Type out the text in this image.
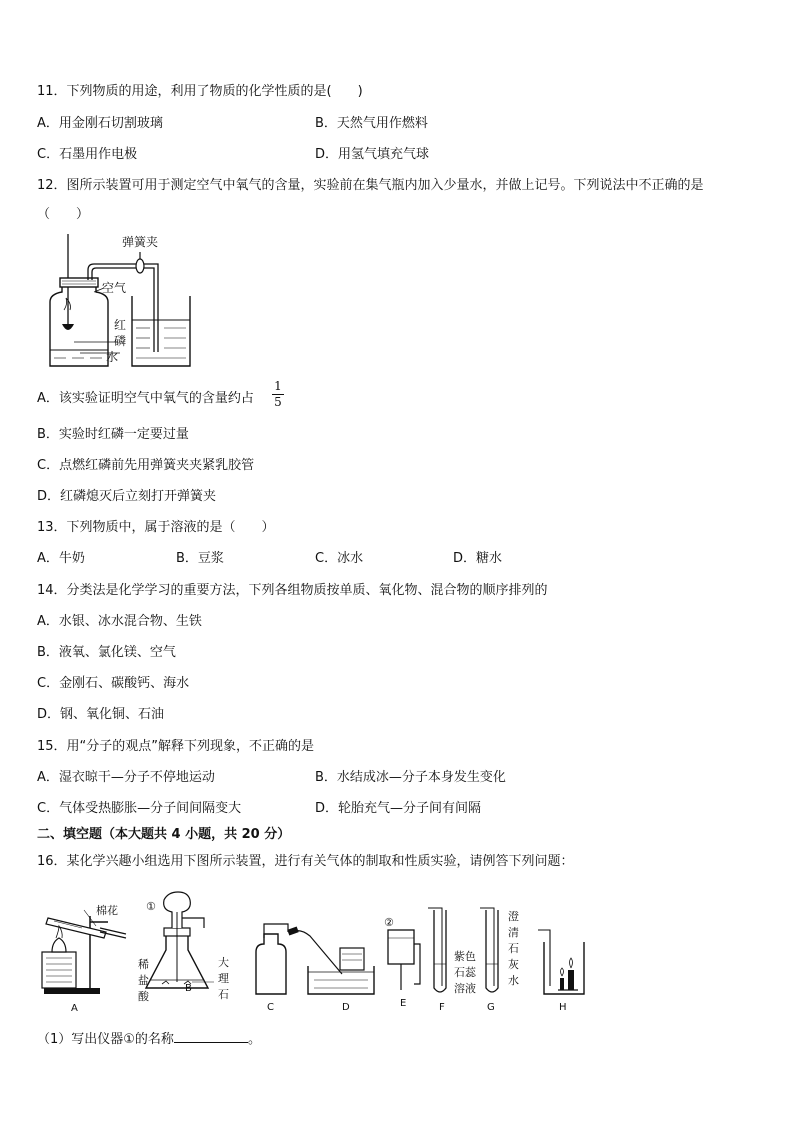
11．下列物质的用途，利用了物质的化学性质的是(　　)
A．用金刚石切割玻璃	B．天然气用作燃料
C．石墨用作电极	D．用氢气填充气球
12．图所示装置可用于测定空气中氧气的含量，实验前在集气瓶内加入少量水，并做上记号。下列说法中不正确的是
（　　）
弹簧夹
空气
红
磷
水
A．该实验证明空气中氧气的含量约占 $\frac{1}{5}$
B．实验时红磷一定要过量
C．点燃红磷前先用弹簧夹夹紧乳胶管
D．红磷熄灭后立刻打开弹簧夹
13．下列物质中，属于溶液的是（　　）
A．牛奶	B．豆浆	C．冰水	D．糖水
14．分类法是化学学习的重要方法，下列各组物质按单质、氧化物、混合物的顺序排列的
A．水银、冰水混合物、生铁
B．液氧、氯化镁、空气
C．金刚石、碳酸钙、海水
D．钢、氧化铜、石油
15．用“分子的观点”解释下列现象，不正确的是
A．湿衣晾干—分子不停地运动	B．水结成冰—分子本身发生变化
C．气体受热膨胀—分子间间隔变大	D．轮胎充气—分子间有间隔
二、填空题（本大题共 4 小题，共 20 分）
16．某化学兴趣小组选用下图所示装置，进行有关气体的制取和性质实验，请例答下列问题：
棉花
A
①
稀
盐
酸
大
理
石
B
C	D
②
E
紫色
石蕊
溶液
F
澄
清
石
灰
水
G	H
（1）写出仪器①的名称	。
